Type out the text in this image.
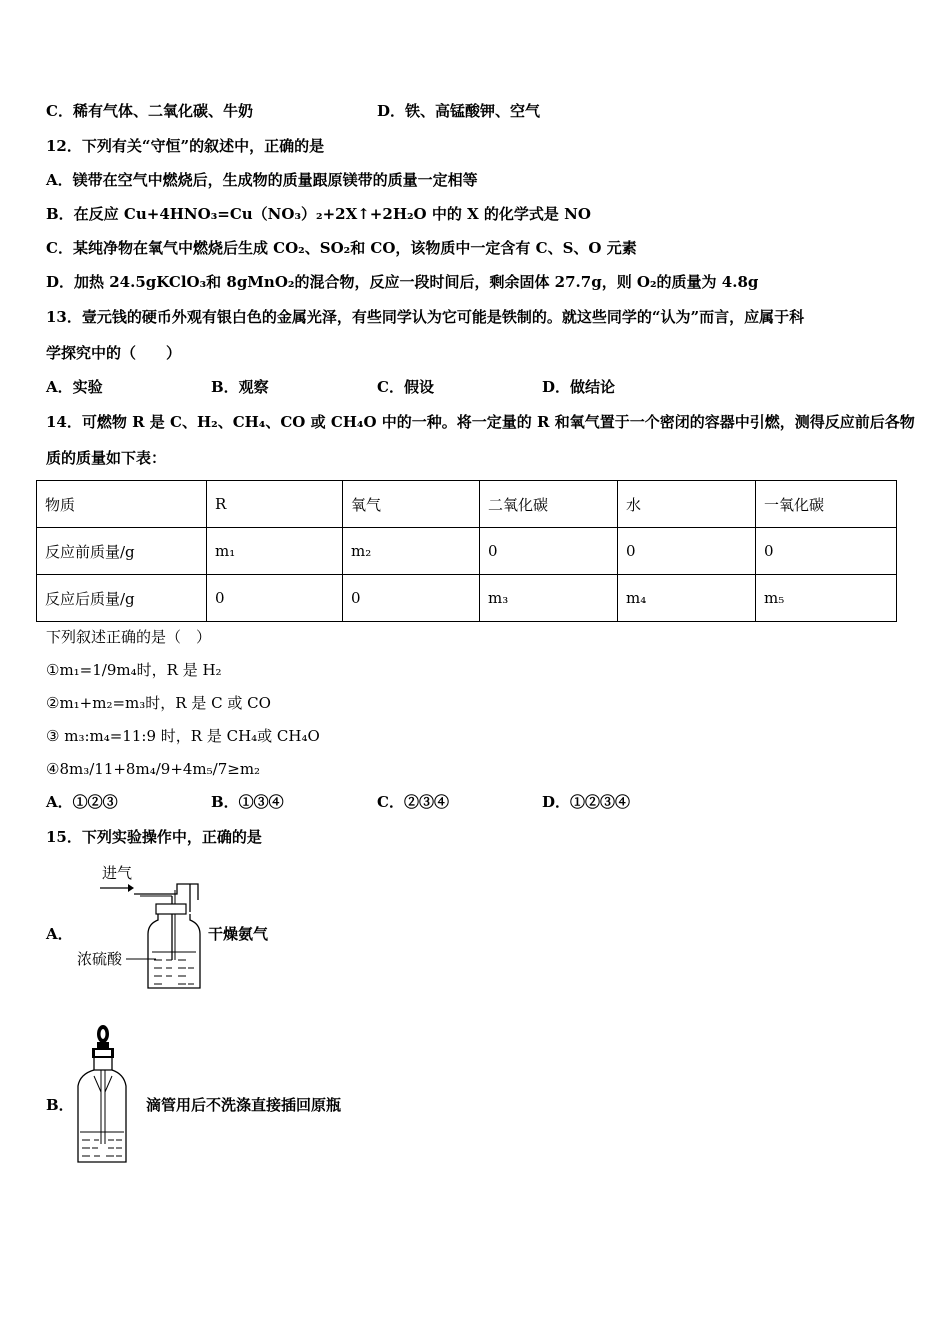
C．稀有气体、二氧化碳、牛奶	D．铁、高锰酸钾、空气
12．下列有关“守恒”的叙述中，正确的是
A．镁带在空气中燃烧后，生成物的质量跟原镁带的质量一定相等
B．在反应 Cu+4HNO₃=Cu（NO₃）₂+2X↑+2H₂O 中的 X 的化学式是 NO
C．某纯净物在氧气中燃烧后生成 CO₂、SO₂和 CO，该物质中一定含有 C、S、O 元素
D．加热 24.5gKClO₃和 8gMnO₂的混合物，反应一段时间后，剩余固体 27.7g，则 O₂的质量为 4.8g
13．壹元钱的硬币外观有银白色的金属光泽，有些同学认为它可能是铁制的。就这些同学的“认为”而言，应属于科
学探究中的（　　）
A．实验	B．观察	C．假设	D．做结论
14．可燃物 R 是 C、H₂、CH₄、CO 或 CH₄O 中的一种。将一定量的 R 和氧气置于一个密闭的容器中引燃，测得反应前后各物
质的质量如下表：
物质	R	氧气	二氧化碳	水	一氧化碳
反应前质量/g	m₁	m₂	0	0	0
反应后质量/g	0	0	m₃	m₄	m₅
下列叙述正确的是（　）
①m₁=1/9m₄时，R 是 H₂
②m₁+m₂=m₃时，R 是 C 或 CO
③ m₃:m₄=11:9 时，R 是 CH₄或 CH₄O
④8m₃/11+8m₄/9+4m₅/7≥m₂
A．①②③	B．①③④	C．②③④	D．①②③④
15．下列实验操作中，正确的是
A．
进气
浓硫酸
干燥氨气
B．	滴管用后不洗涤直接插回原瓶
